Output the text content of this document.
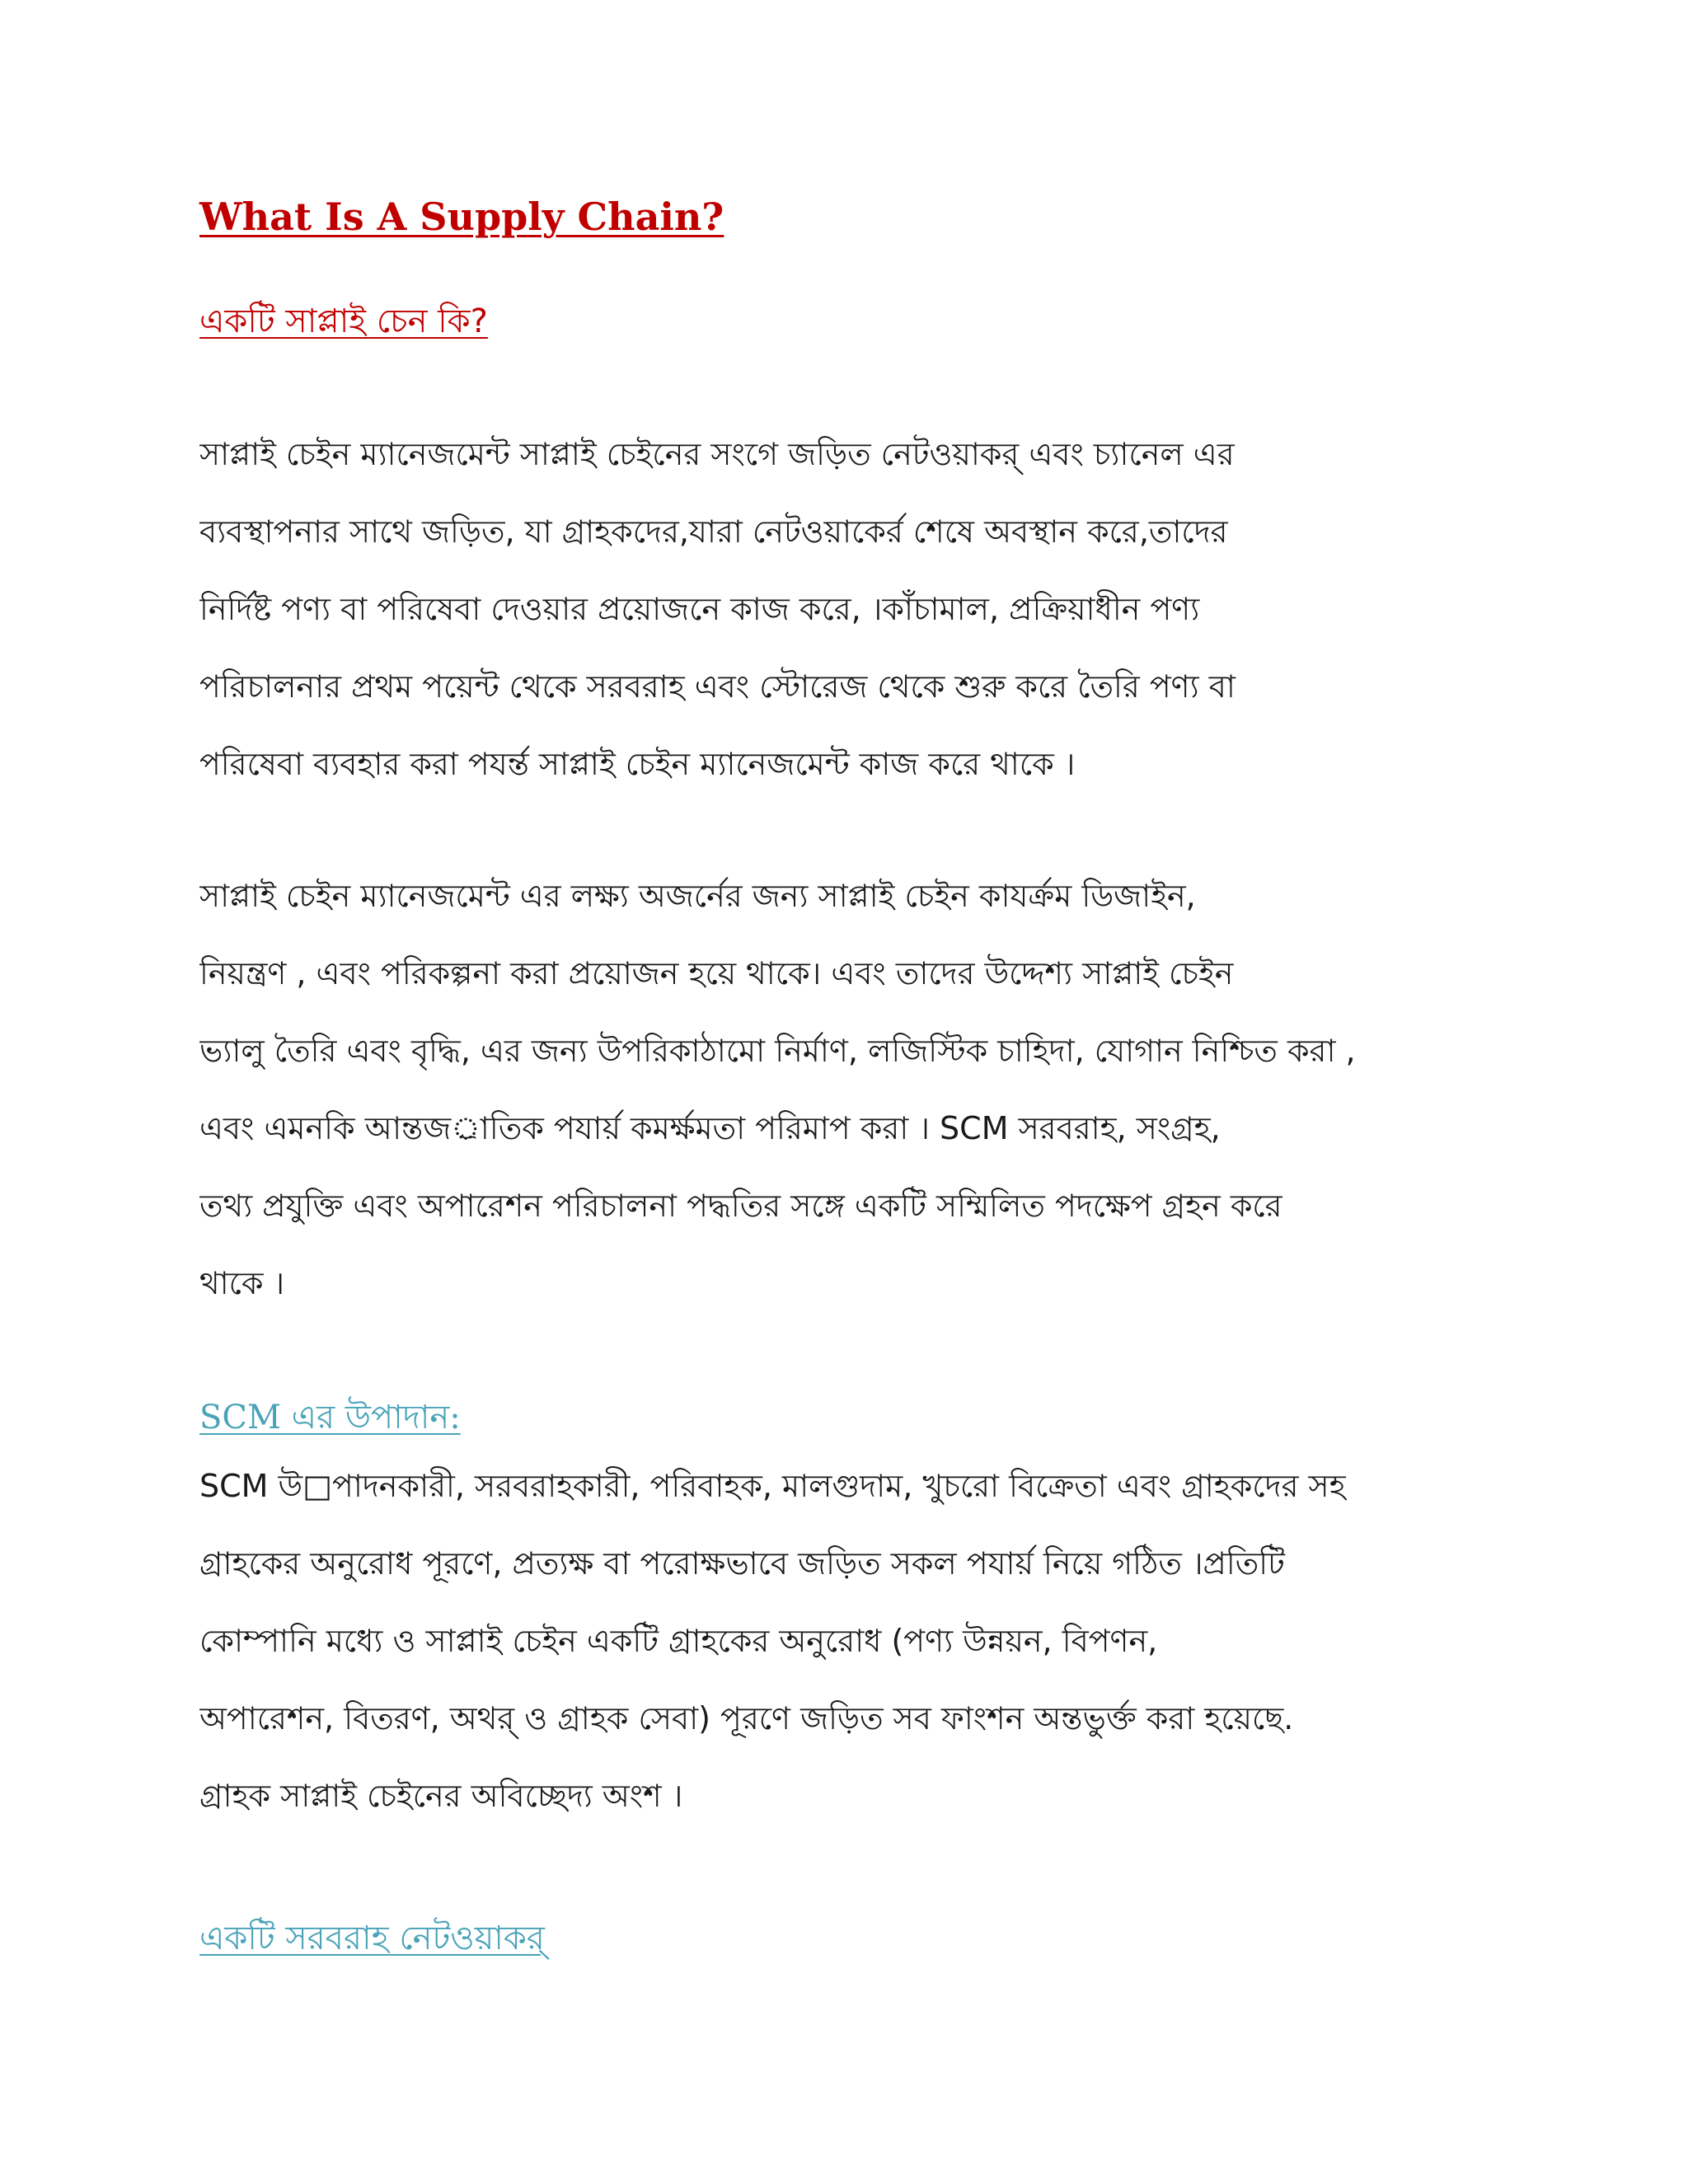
What Is A Supply Chain?
একটি সাপ্লাই চেন কি?
সাপ্লাই চেইন ম্যানেজমেন্ট সাপ্লাই চেইনের সংগে জড়িত নেটওয়াকর্ এবং চ্যানেল এর
ব্যবস্থাপনার সাথে জড়িত, যা গ্রাহকদের,যারা নেটওয়াকের্র শেষে অবস্থান করে,তাদের
নির্দিষ্ট পণ্য বা পরিষেবা দেওয়ার প্রয়োজনে কাজ করে, ।কাঁচামাল, প্রক্রিয়াধীন পণ্য
পরিচালনার প্রথম পয়েন্ট থেকে সরবরাহ এবং স্টোরেজ থেকে শুরু করে তৈরি পণ্য বা
পরিষেবা ব্যবহার করা পযর্ন্ত সাপ্লাই চেইন ম্যানেজমেন্ট কাজ করে থাকে ।
সাপ্লাই চেইন ম্যানেজমেন্ট এর লক্ষ্য অজর্নের জন্য সাপ্লাই চেইন কাযর্ক্রম ডিজাইন,
নিয়ন্ত্রণ , এবং পরিকল্পনা করা প্রয়োজন হয়ে থাকে। এবং তাদের উদ্দেশ্য সাপ্লাই চেইন
ভ্যালু তৈরি এবং বৃদ্ধি, এর জন্য উপরিকাঠামো নির্মাণ, লজিস্টিক চাহিদা, যোগান নিশ্চিত করা ,
এবং এমনকি আন্তজর্াতিক পযার্য় কমর্ক্ষমতা পরিমাপ করা । SCM সরবরাহ, সংগ্রহ,
তথ্য প্রযুক্তি এবং অপারেশন পরিচালনা পদ্ধতির সঙ্গে একটি সম্মিলিত পদক্ষেপ গ্রহন করে
থাকে ।
SCM এর উপাদান:
SCM উ□পাদনকারী, সরবরাহকারী, পরিবাহক, মালগুদাম, খুচরো বিক্রেতা এবং গ্রাহকদের সহ
গ্রাহকের অনুরোধ পূরণে, প্রত্যক্ষ বা পরোক্ষভাবে জড়িত সকল পযার্য় নিয়ে গঠিত ।প্রতিটি
কোম্পানি মধ্যে ও সাপ্লাই চেইন একটি গ্রাহকের অনুরোধ (পণ্য উন্নয়ন, বিপণন,
অপারেশন, বিতরণ, অথর্ ও গ্রাহক সেবা) পূরণে জড়িত সব ফাংশন অন্তভুর্ক্ত করা হয়েছে.
গ্রাহক সাপ্লাই চেইনের অবিচ্ছেদ্য অংশ ।
একটি সরবরাহ নেটওয়াকর্
